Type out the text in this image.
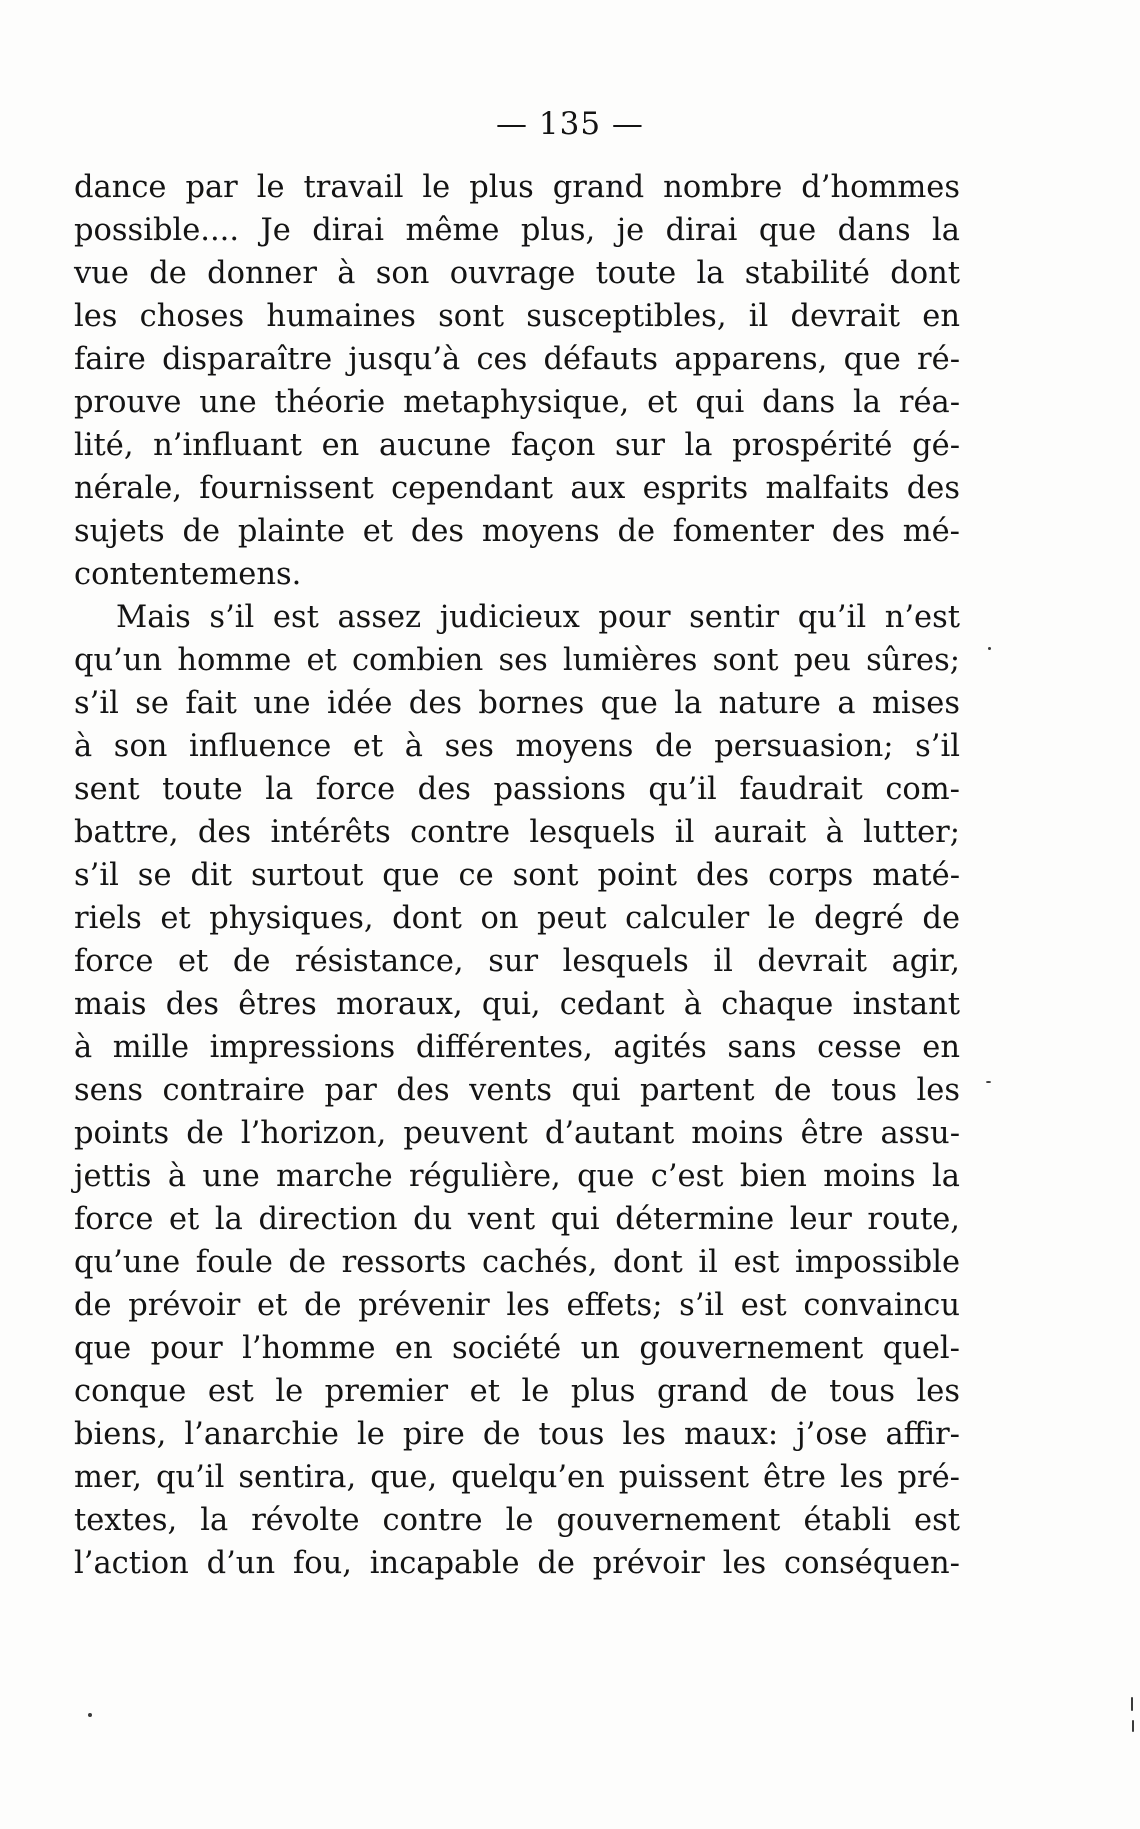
— 135 —
dance par le travail le plus grand nombre d’hommes
possible.... Je dirai même plus, je dirai que dans la
vue de donner à son ouvrage toute la stabilité dont
les choses humaines sont susceptibles, il devrait en
faire disparaître jusqu’à ces défauts apparens, que ré-
prouve une théorie metaphysique, et qui dans la réa-
lité, n’influant en aucune façon sur la prospérité gé-
nérale, fournissent cependant aux esprits malfaits des
sujets de plainte et des moyens de fomenter des mé-
contentemens.
Mais s’il est assez judicieux pour sentir qu’il n’est
qu’un homme et combien ses lumières sont peu sûres;
s’il se fait une idée des bornes que la nature a mises
à son influence et à ses moyens de persuasion; s’il
sent toute la force des passions qu’il faudrait com-
battre, des intérêts contre lesquels il aurait à lutter;
s’il se dit surtout que ce sont point des corps maté-
riels et physiques, dont on peut calculer le degré de
force et de résistance, sur lesquels il devrait agir,
mais des êtres moraux, qui, cedant à chaque instant
à mille impressions différentes, agités sans cesse en
sens contraire par des vents qui partent de tous les
points de l’horizon, peuvent d’autant moins être assu-
jettis à une marche régulière, que c’est bien moins la
force et la direction du vent qui détermine leur route,
qu’une foule de ressorts cachés, dont il est impossible
de prévoir et de prévenir les effets; s’il est convaincu
que pour l’homme en société un gouvernement quel-
conque est le premier et le plus grand de tous les
biens, l’anarchie le pire de tous les maux: j’ose affir-
mer, qu’il sentira, que, quelqu’en puissent être les pré-
textes, la révolte contre le gouvernement établi est
l’action d’un fou, incapable de prévoir les conséquen-
